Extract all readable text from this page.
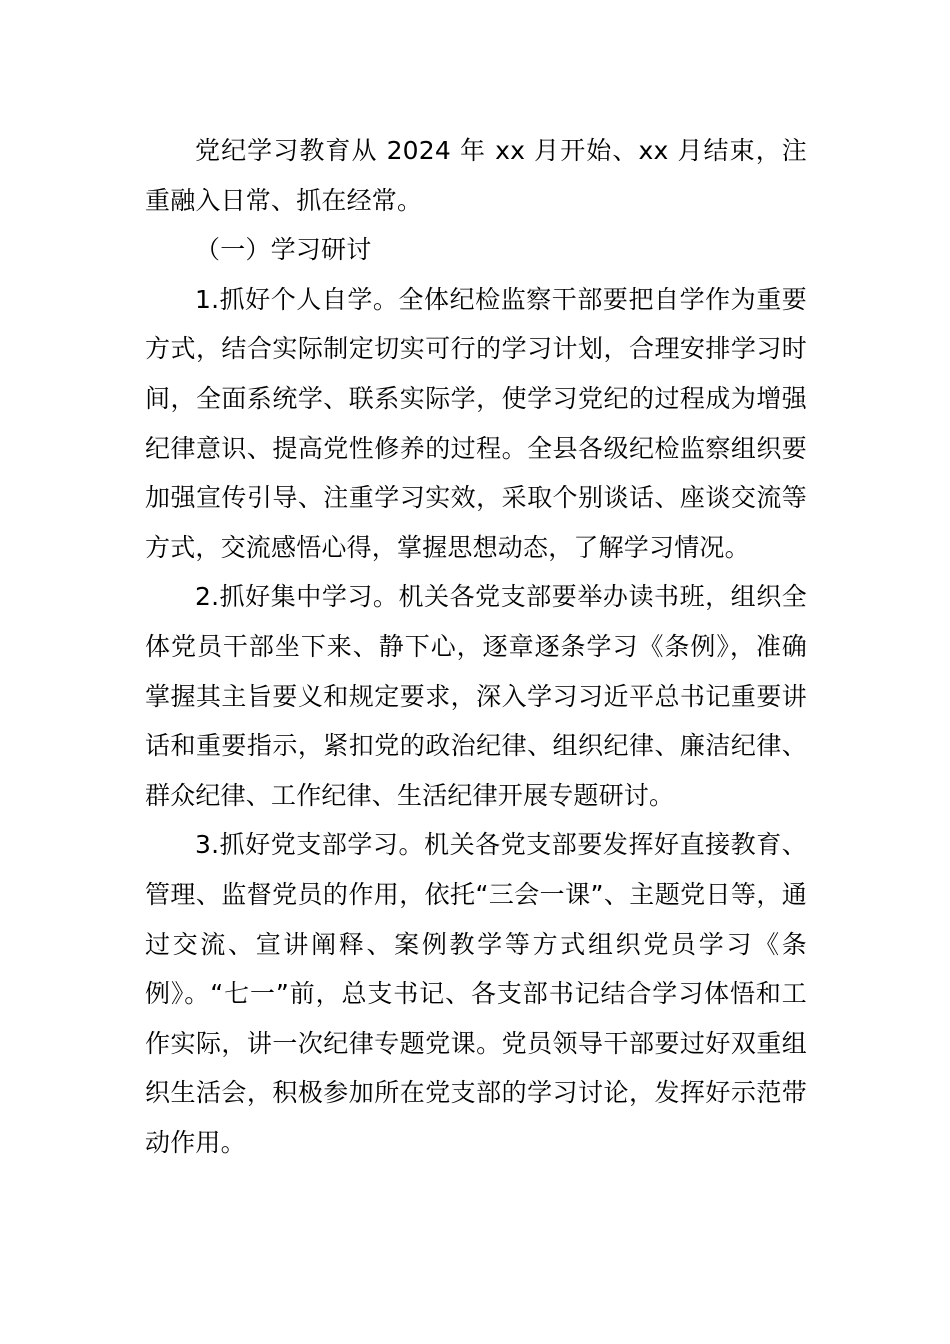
党纪学习教育从 2024 年 xx 月开始、xx 月结束，注重融入日常、抓在经常。

（一）学习研讨

1.抓好个人自学。全体纪检监察干部要把自学作为重要方式，结合实际制定切实可行的学习计划，合理安排学习时间，全面系统学、联系实际学，使学习党纪的过程成为增强纪律意识、提高党性修养的过程。全县各级纪检监察组织要加强宣传引导、注重学习实效，采取个别谈话、座谈交流等方式，交流感悟心得，掌握思想动态，了解学习情况。

2.抓好集中学习。机关各党支部要举办读书班，组织全体党员干部坐下来、静下心，逐章逐条学习《条例》，准确掌握其主旨要义和规定要求，深入学习习近平总书记重要讲话和重要指示，紧扣党的政治纪律、组织纪律、廉洁纪律、群众纪律、工作纪律、生活纪律开展专题研讨。

3.抓好党支部学习。机关各党支部要发挥好直接教育、管理、监督党员的作用，依托“三会一课”、主题党日等，通过交流、宣讲阐释、案例教学等方式组织党员学习《条例》。“七一”前，总支书记、各支部书记结合学习体悟和工作实际，讲一次纪律专题党课。党员领导干部要过好双重组织生活会，积极参加所在党支部的学习讨论，发挥好示范带动作用。
